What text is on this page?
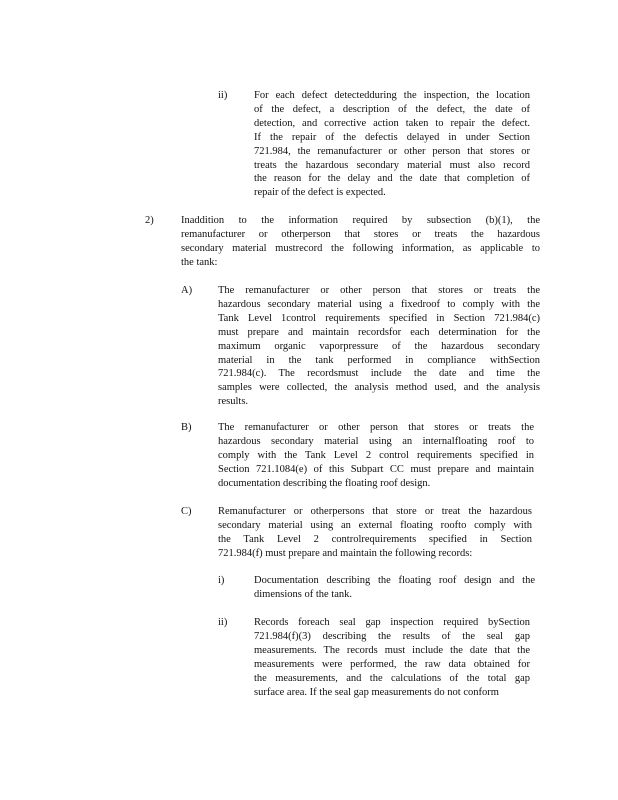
ii)	For each defect detectedduring the inspection, the location
of the defect, a description of the defect, the date of
detection, and corrective action taken to repair the defect.
If the repair of the defectis delayed in under Section
721.984, the remanufacturer or other person that stores or
treats the hazardous secondary material must also record
the reason for the delay and the date that completion of
repair of the defect is expected.
2)	Inaddition to the information required by subsection (b)(1), the
remanufacturer or otherperson that stores or treats the hazardous
secondary material mustrecord the following information, as applicable to
the tank:
A) The remanufacturer or other person that stores or treats the
hazardous secondary material using a fixedroof to comply with the
Tank Level 1control requirements specified in Section 721.984(c)
must prepare and maintain recordsfor each determination for the
maximum organic vaporpressure of the hazardous secondary
material in the tank performed in compliance withSection
721.984(c). The recordsmust include the date and time the
samples were collected, the analysis method used, and the analysis
results.
B)	The remanufacturer or other person that stores or treats the
hazardous secondary material using an internalfloating roof to
comply with the Tank Level 2 control requirements specified in
Section 721.1084(e) of this Subpart CC must prepare and maintain
documentation describing the floating roof design.
C)	Remanufacturer or otherpersons that store or treat the hazardous
secondary material using an external floating roofto comply with
the Tank Level 2 controlrequirements specified in Section
721.984(f) must prepare and maintain the following records:
i)	Documentation describing the floating roof design and the
dimensions of the tank.
ii)	Records foreach seal gap inspection required bySection
721.984(f)(3) describing the results of the seal gap
measurements. The records must include the date that the
measurements were performed, the raw data obtained for
the measurements, and the calculations of the total gap
surface area. If the seal gap measurements do not conform
